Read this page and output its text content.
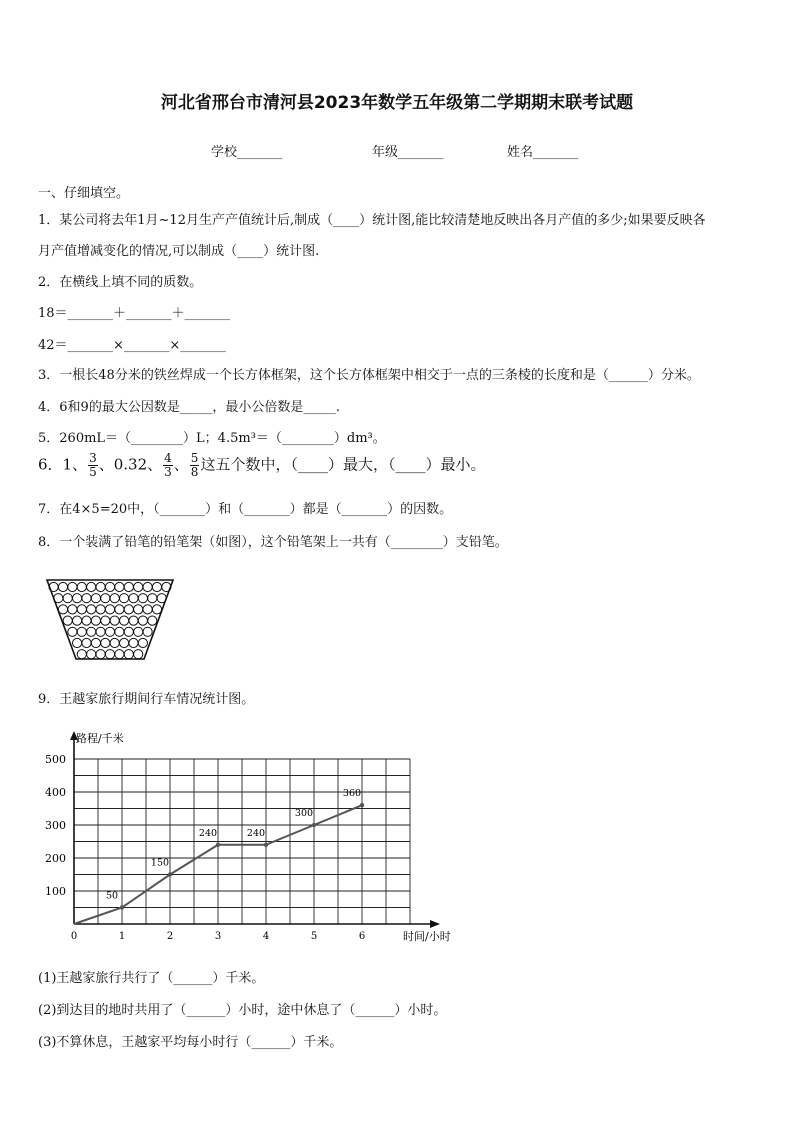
河北省邢台市清河县2023年数学五年级第二学期期末联考试题
学校_______	年级_______	姓名_______
一、仔细填空。
1．某公司将去年1月~12月生产产值统计后,制成（____）统计图,能比较清楚地反映出各月产值的多少;如果要反映各
月产值增减变化的情况,可以制成（____）统计图.
2．在横线上填不同的质数。
18＝_______＋_______＋_______
42＝_______×_______×_______
3．一根长48分米的铁丝焊成一个长方体框架，这个长方体框架中相交于一点的三条棱的长度和是（______）分米。
4．6和9的最大公因数是_____，最小公倍数是_____.
5．260mL＝（________）L；4.5m³＝（________）dm³。
6．1、 $\frac{3}{5}$ 、0.32、 $\frac{4}{3}$ 、 $\frac{5}{8}$ 这五个数中，（____）最大，（____）最小。
7．在4×5=20中，（_______）和（_______）都是（_______）的因数。
8．一个装满了铅笔的铅笔架（如图），这个铅笔架上一共有（________）支铅笔。
9．王越家旅行期间行车情况统计图。
0	1	2	3	4	5	6
100
200
300
400
500
50
150
240	240
300
360
路程/千米
时间/小时
(1)王越家旅行共行了（______）千米。
(2)到达目的地时共用了（______）小时，途中休息了（______）小时。
(3)不算休息，王越家平均每小时行（______）千米。
